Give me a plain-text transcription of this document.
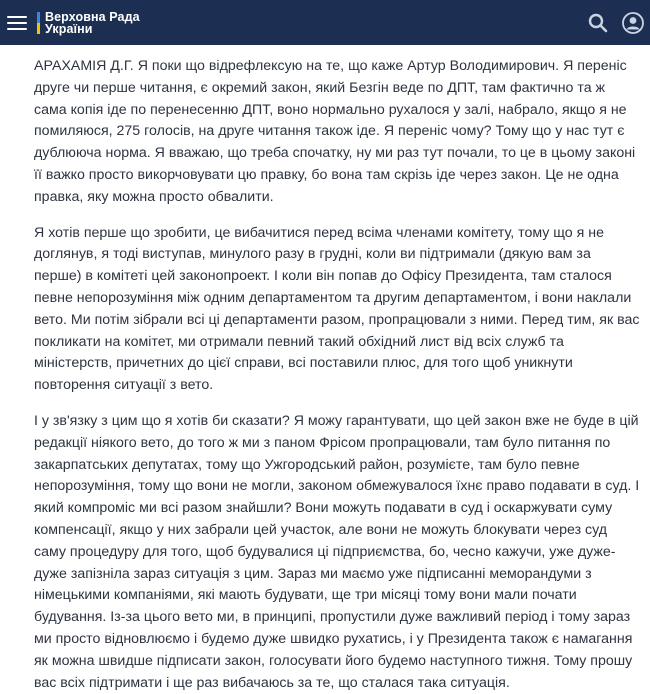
Верховна Рада
України

АРАХАМІЯ Д.Г. Я поки що відрефлексую на те, що каже Артур Володимирович. Я переніс друге чи перше читання, є окремий закон, який Безгін веде по ДПТ, там фактично та ж сама копія іде по перенесенню ДПТ, воно нормально рухалося у залі, набрало, якщо я не помиляюся, 275 голосів, на друге читання також іде. Я переніс чому? Тому що у нас тут є дублююча норма. Я вважаю, що треба спочатку, ну ми раз тут почали, то це в цьому законі її важко просто викорчовувати цю правку, бо вона там скрізь іде через закон. Це не одна правка, яку можна просто обвалити.

Я хотів перше що зробити, це вибачитися перед всіма членами комітету, тому що я не доглянув, я тоді виступав, минулого разу в грудні, коли ви підтримали (дякую вам за перше) в комітеті цей законопроект. І коли він попав до Офісу Президента, там сталося певне непорозуміння між одним департаментом та другим департаментом, і вони наклали вето. Ми потім зібрали всі ці департаменти разом, пропрацювали з ними. Перед тим, як вас покликати на комітет, ми отримали певний такий обхідний лист від всіх служб та міністерств, причетних до цієї справи, всі поставили плюс, для того щоб уникнути повторення ситуації з вето.

І у зв'язку з цим що я хотів би сказати? Я можу гарантувати, що цей закон вже не буде в цій редакції ніякого вето, до того ж ми з паном Фрісом пропрацювали, там було питання по закарпатських депутатах, тому що Ужгородський район, розумієте, там було певне непорозуміння, тому що вони не могли, законом обмежувалося їхнє право подавати в суд. І який компроміс ми всі разом знайшли? Вони можуть подавати в суд і оскаржувати суму компенсації, якщо у них забрали цей участок, але вони не можуть блокувати через суд саму процедуру для того, щоб будувалися ці підприємства, бо, чесно кажучи, уже дуже-дуже запізніла зараз ситуація з цим. Зараз ми маємо уже підписанні меморандуми з німецькими компаніями, які мають будувати, ще три місяці тому вони мали почати будування. Із-за цього вето ми, в принципі, пропустили дуже важливий період і тому зараз ми просто відновлюємо і будемо дуже швидко рухатись, і у Президента також є намагання як можна швидше підписати закон, голосувати його будемо наступного тижня. Тому прошу вас всіх підтримати і ще раз вибачаюсь за те, що сталася така ситуація.
